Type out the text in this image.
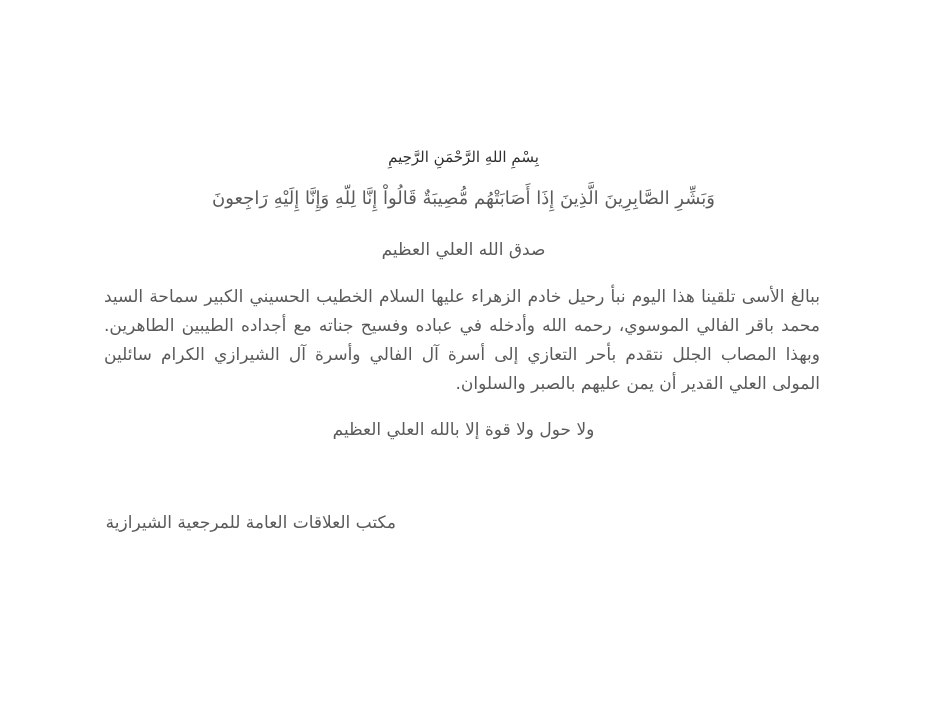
بِسْمِ اللهِ الرَّحْمَنِ الرَّحِيمِ
وَبَشِّرِ الصَّابِرِينَ الَّذِينَ إِذَا أَصَابَتْهُم مُّصِيبَةٌ قَالُواْ إِنَّا لِلّهِ وَإِنَّا إِلَيْهِ رَاجِعونَ
صدق الله العلي العظيم
ببالغ الأسى تلقينا هذا اليوم نبأ رحيل خادم الزهراء عليها السلام الخطيب الحسيني الكبير سماحة السيد محمد باقر الفالي الموسوي، رحمه الله وأدخله في عباده وفسيح جناته مع أجداده الطيبين الطاهرين. وبهذا المصاب الجلل نتقدم بأحر التعازي إلى أسرة آل الفالي وأسرة آل الشيرازي الكرام سائلين المولى العلي القدير أن يمن عليهم بالصبر والسلوان.
ولا حول ولا قوة إلا بالله العلي العظيم
مكتب العلاقات العامة للمرجعية الشيرازية
